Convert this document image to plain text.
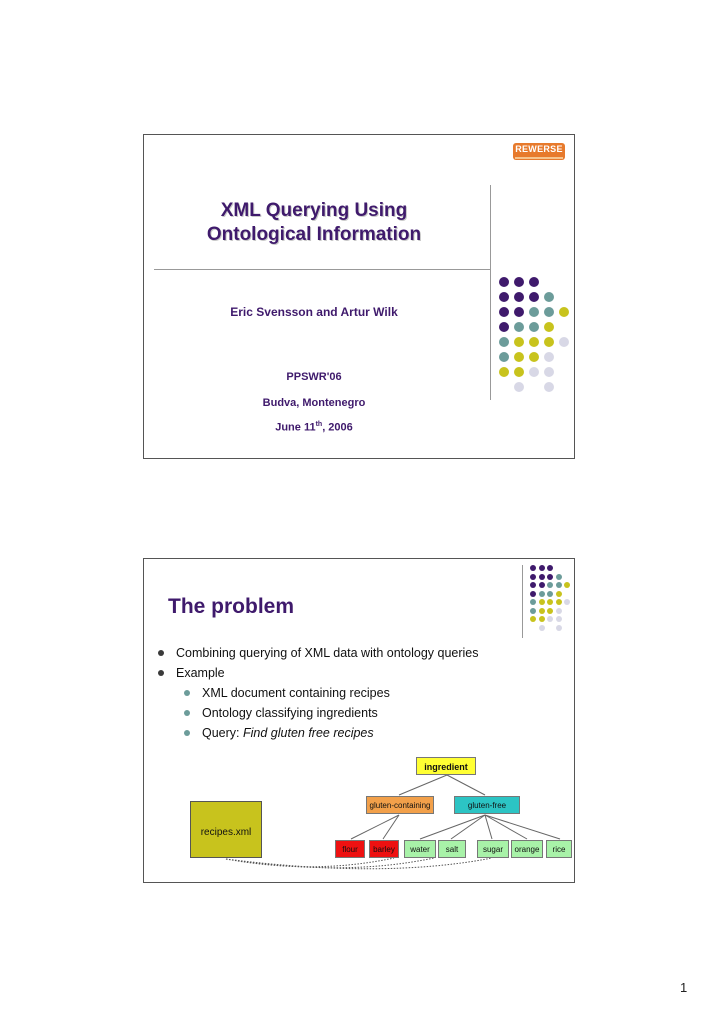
REWERSE
XML Querying Using
Ontological Information
Eric Svensson and Artur Wilk
PPSWR'06
Budva, Montenegro
June 11th, 2006
The problem
Combining querying of XML data with ontology queries
Example
XML document containing recipes
Ontology classifying ingredients
Query: Find gluten free recipes
ingredient
gluten-containing	gluten-free
recipes.xml
flour	barley	water	salt	sugar	orange	rice
1
